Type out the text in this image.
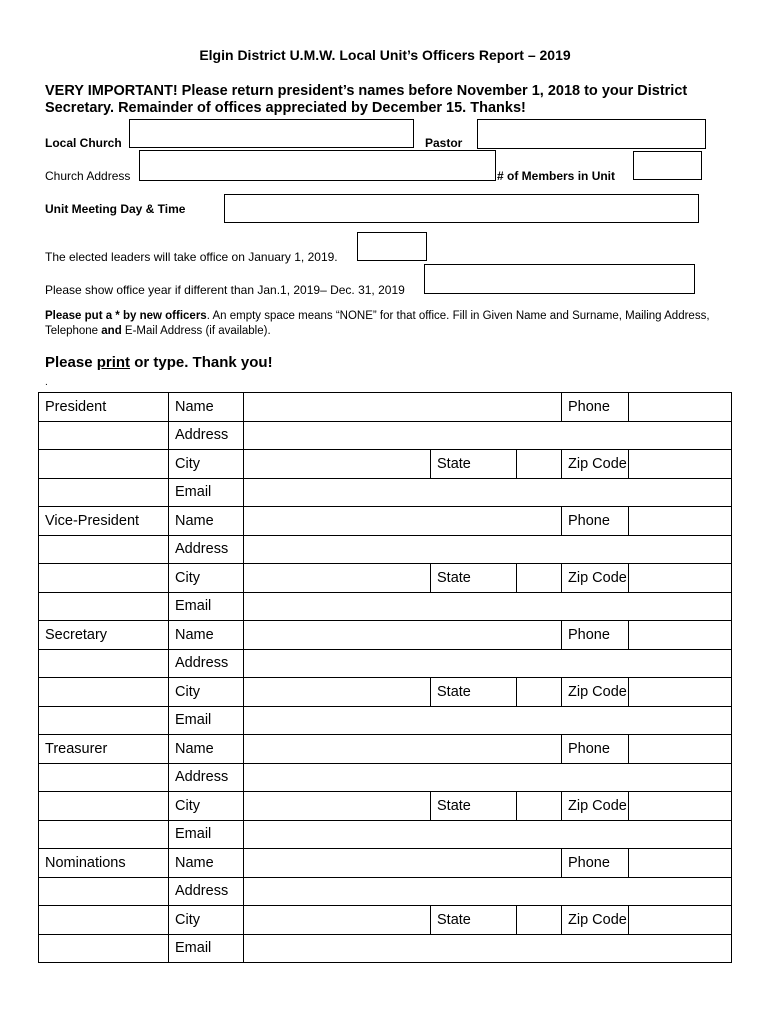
Elgin District U.M.W. Local Unit’s Officers Report – 2019
VERY IMPORTANT! Please return president’s names before November 1, 2018 to your District Secretary. Remainder of offices appreciated by December 15. Thanks!
Local Church	Pastor
Church Address	# of Members in Unit
Unit Meeting Day & Time
The elected leaders will take office on January 1, 2019.
Please show office year if different than Jan.1, 2019– Dec. 31, 2019
Please put a * by new officers. An empty space means “NONE” for that office. Fill in Given Name and Surname, Mailing Address, Telephone and E-Mail Address (if available).
Please print or type. Thank you!
.
President	Name				Phone	
	Address					
	City		State		Zip Code	
	Email					
Vice-President	Name				Phone	
	Address					
	City		State		Zip Code	
	Email					
Secretary	Name				Phone	
	Address					
	City		State		Zip Code	
	Email					
Treasurer	Name				Phone	
	Address					
	City		State		Zip Code	
	Email					
Nominations	Name				Phone	
	Address					
	City		State		Zip Code	
	Email					
